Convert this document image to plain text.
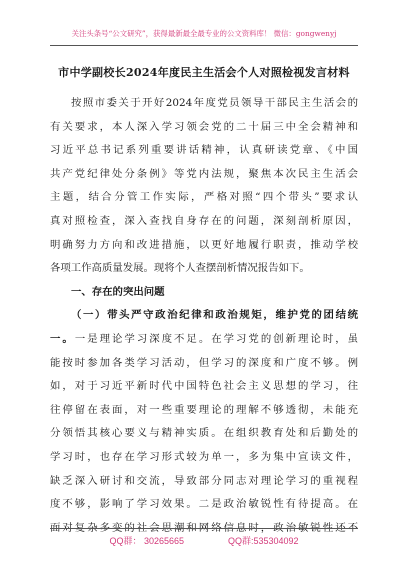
关注头条号“公文研究”，获得最新最全最专业的公文资料库！ 微信：gongwenyj
市中学副校长2024年度民主生活会个人对照检视发言材料
按照市委关于开好2024年度党员领导干部民主生活会的
有关要求，本人深入学习领会党的二十届三中全会精神和
习近平总书记系列重要讲话精神，认真研读党章、《中国
共产党纪律处分条例》等党内法规，聚焦本次民主生活会
主题，结合分管工作实际，严格对照“四个带头”要求认
真对照检查，深入查找自身存在的问题，深刻剖析原因，
明确努力方向和改进措施，以更好地履行职责，推动学校
各项工作高质量发展。现将个人查摆剖析情况报告如下。
一、存在的突出问题
（一）带头严守政治纪律和政治规矩，维护党的团结统
一。一是理论学习深度不足。在学习党的创新理论时，虽
能按时参加各类学习活动，但学习的深度和广度不够。例
如，对于习近平新时代中国特色社会主义思想的学习，往
往停留在表面，对一些重要理论的理解不够透彻，未能充
分领悟其核心要义与精神实质。在组织教育处和后勤处的
学习时，也存在学习形式较为单一，多为集中宣读文件，
缺乏深入研讨和交流，导致部分同志对理论学习的重视程
度不够，影响了学习效果。二是政治敏锐性有待提高。在
面对复杂多变的社会思潮和网络信息时，政治敏锐性还不
QQ群： 30265665	QQ群:535304092
